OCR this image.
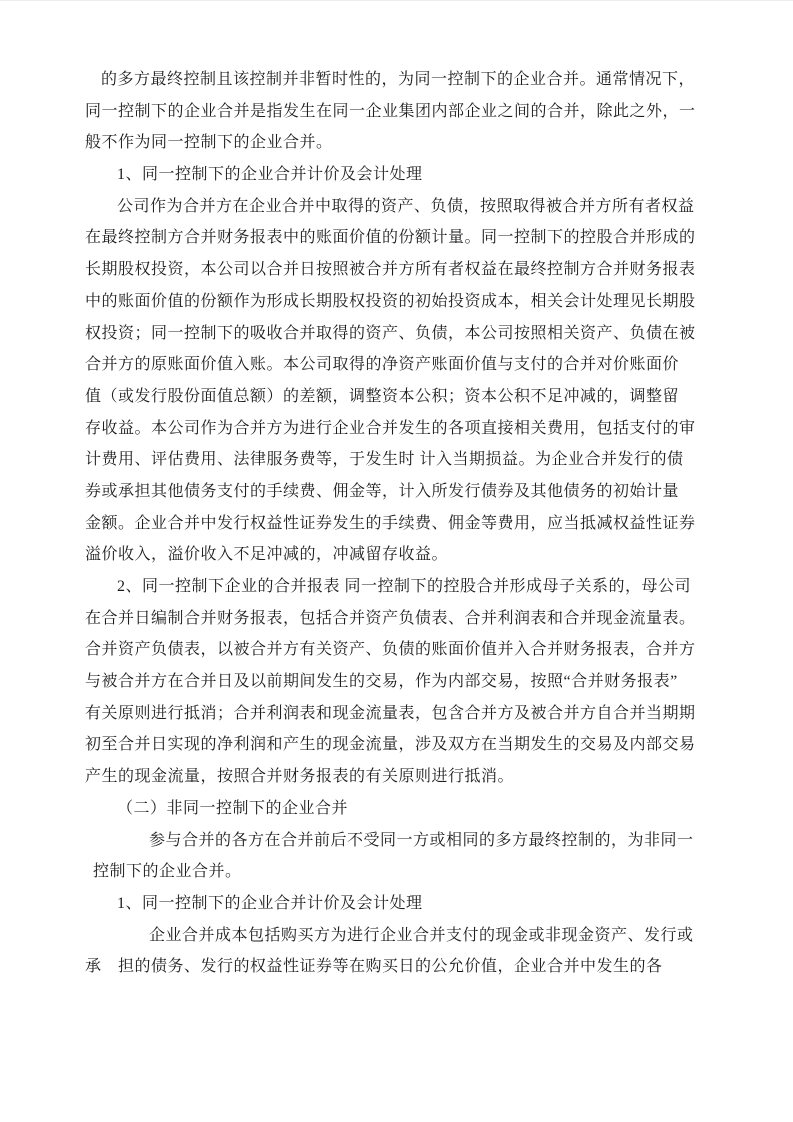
的多方最终控制且该控制并非暂时性的，为同一控制下的企业合并。通常情况下，
同一控制下的企业合并是指发生在同一企业集团内部企业之间的合并，除此之外，一
般不作为同一控制下的企业合并。
1、同一控制下的企业合并计价及会计处理
公司作为合并方在企业合并中取得的资产、负债，按照取得被合并方所有者权益
在最终控制方合并财务报表中的账面价值的份额计量。同一控制下的控股合并形成的
长期股权投资，本公司以合并日按照被合并方所有者权益在最终控制方合并财务报表
中的账面价值的份额作为形成长期股权投资的初始投资成本，相关会计处理见长期股
权投资；同一控制下的吸收合并取得的资产、负债，本公司按照相关资产、负债在被
合并方的原账面价值入账。本公司取得的净资产账面价值与支付的合并对价账面价
值（或发行股份面值总额）的差额，调整资本公积；资本公积不足冲减的，调整留
存收益。本公司作为合并方为进行企业合并发生的各项直接相关费用，包括支付的审
计费用、评估费用、法律服务费等，于发生时 计入当期损益。为企业合并发行的债
券或承担其他债务支付的手续费、佣金等，计入所发行债券及其他债务的初始计量
金额。企业合并中发行权益性证券发生的手续费、佣金等费用，应当抵减权益性证券
溢价收入，溢价收入不足冲减的，冲减留存收益。
2、同一控制下企业的合并报表 同一控制下的控股合并形成母子关系的，母公司
在合并日编制合并财务报表，包括合并资产负债表、合并利润表和合并现金流量表。
合并资产负债表，以被合并方有关资产、负债的账面价值并入合并财务报表，合并方
与被合并方在合并日及以前期间发生的交易，作为内部交易，按照“合并财务报表”
有关原则进行抵消；合并利润表和现金流量表，包含合并方及被合并方自合并当期期
初至合并日实现的净利润和产生的现金流量，涉及双方在当期发生的交易及内部交易
产生的现金流量，按照合并财务报表的有关原则进行抵消。
（二）非同一控制下的企业合并
参与合并的各方在合并前后不受同一方或相同的多方最终控制的，为非同一
控制下的企业合并。
1、同一控制下的企业合并计价及会计处理
企业合并成本包括购买方为进行企业合并支付的现金或非现金资产、发行或
承　担的债务、发行的权益性证券等在购买日的公允价值，企业合并中发生的各
